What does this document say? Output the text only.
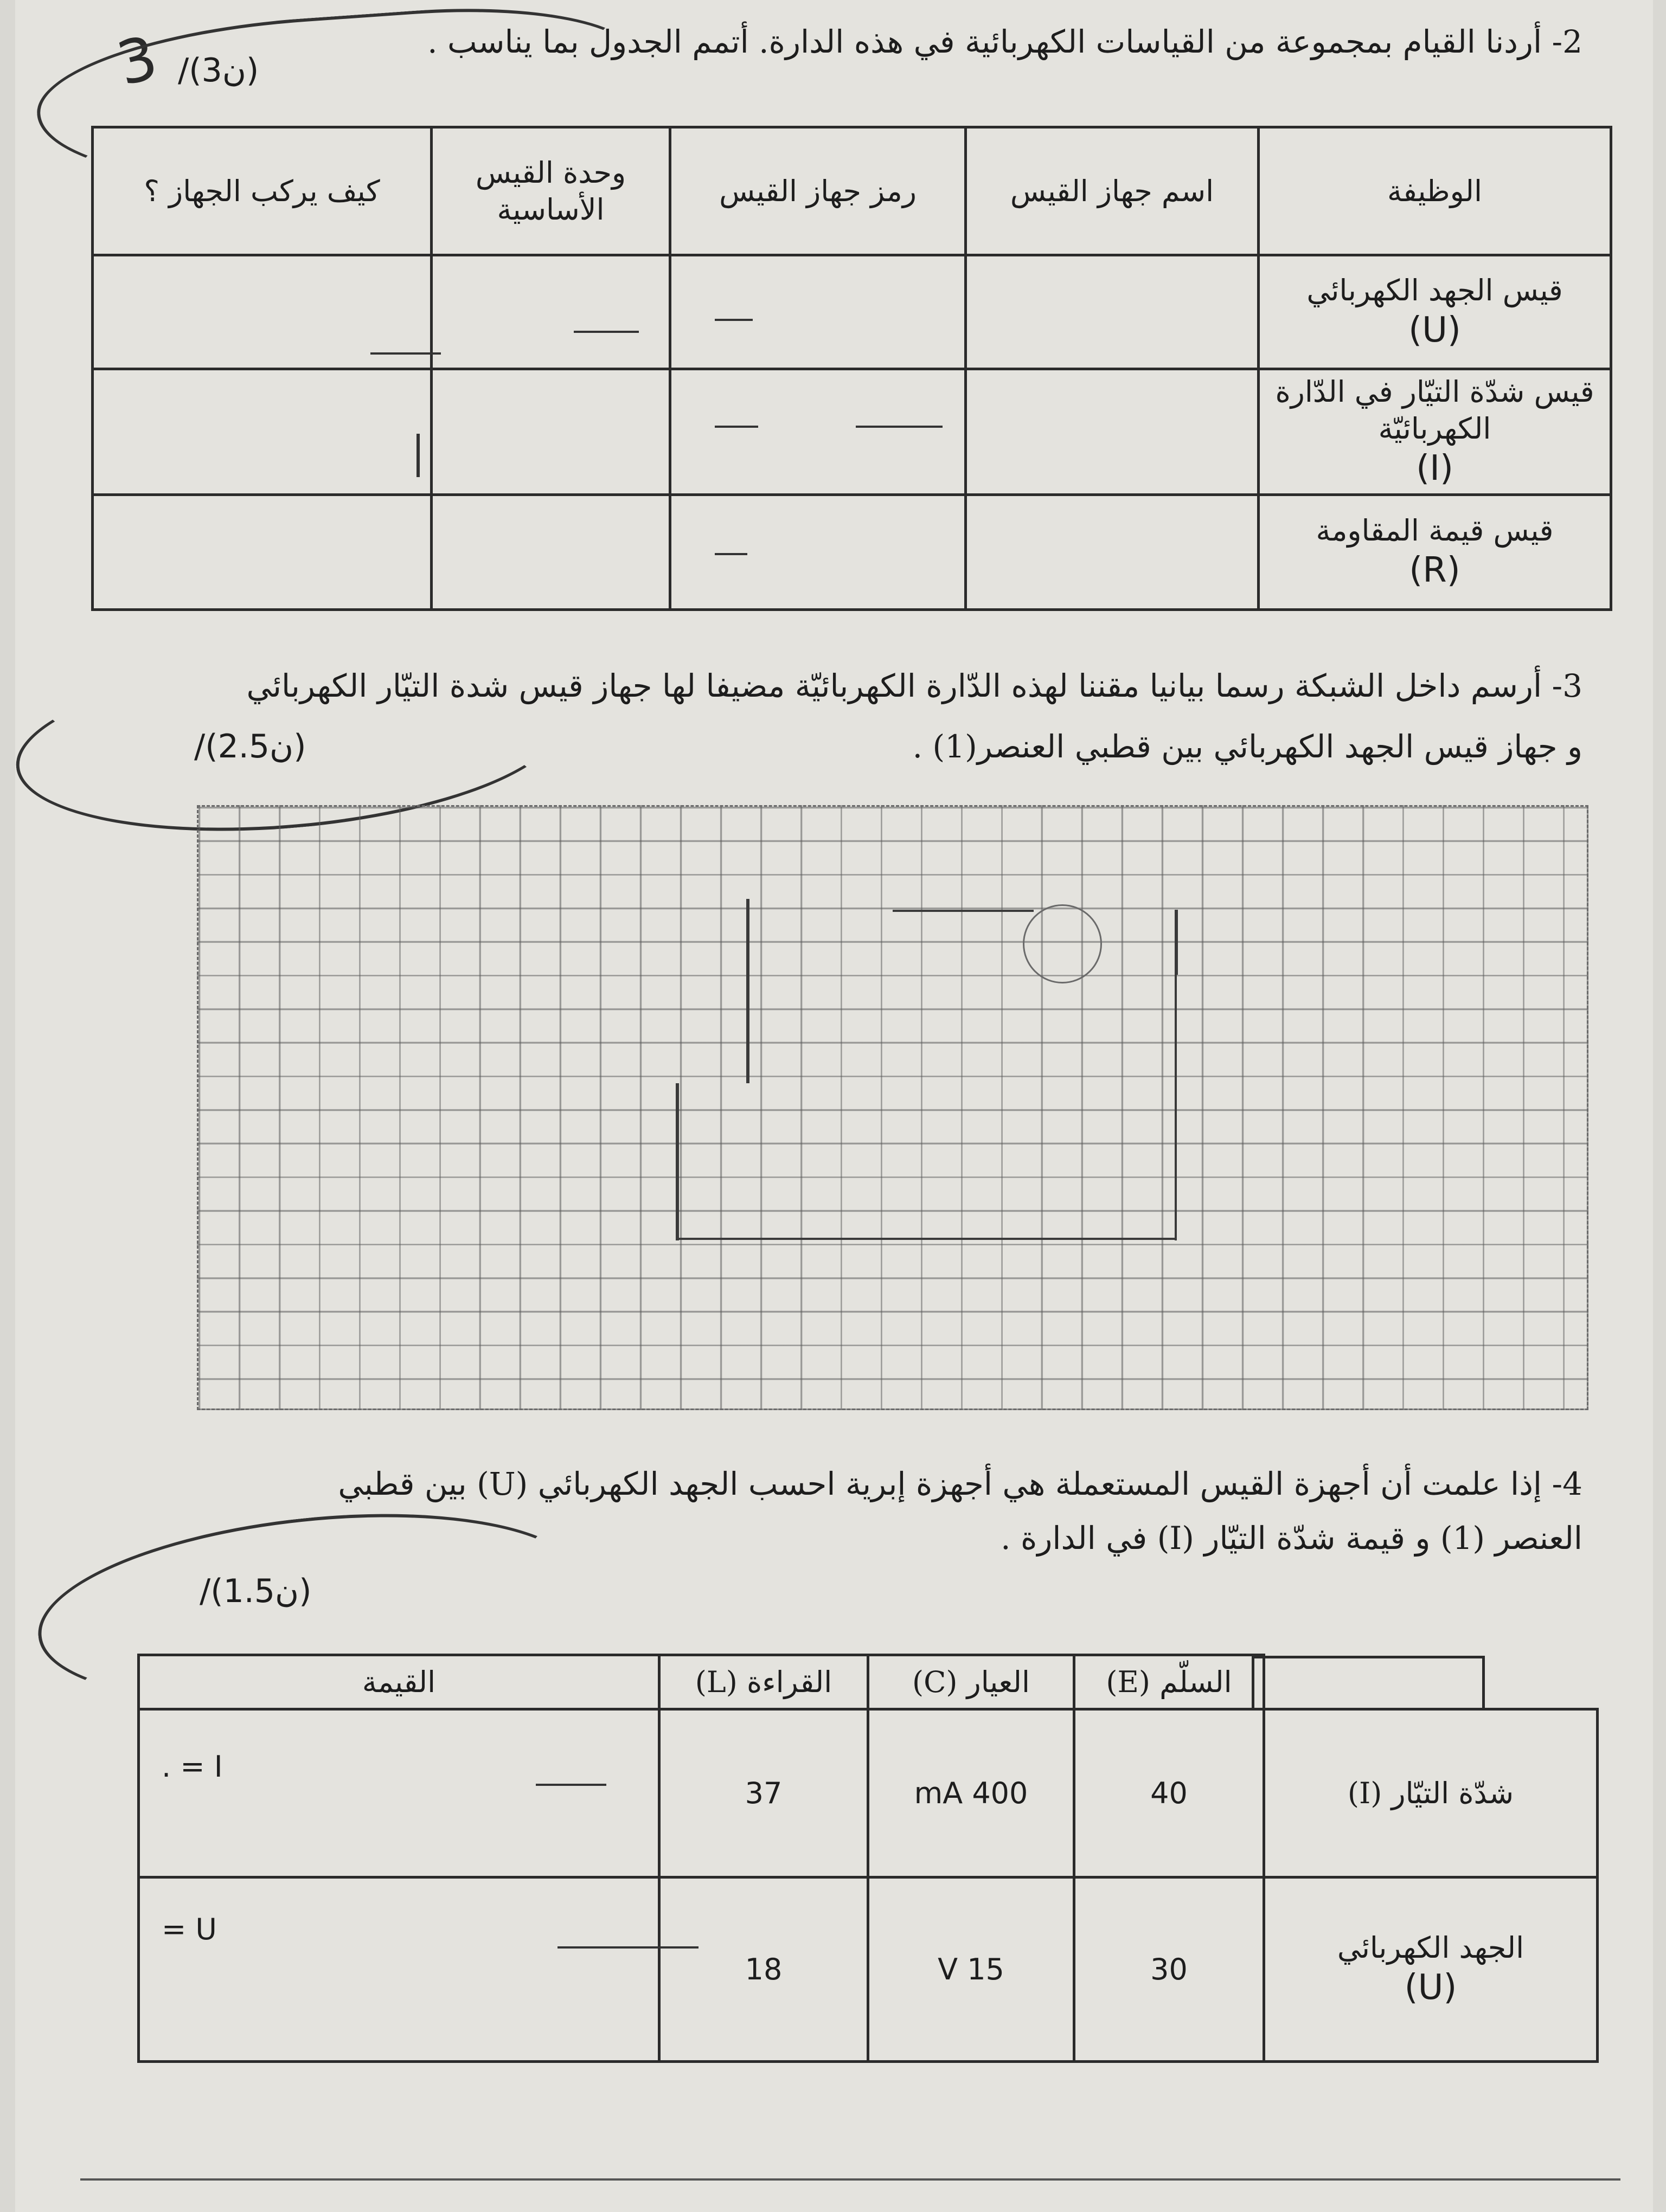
2- أردنا القيام بمجموعة من القياسات الكهربائية في هذه الدارة. أتمم الجدول بما يناسب .
/(ن3)
3
الوظيفة	اسم جهاز القيس	رمز جهاز القيس	وحدة القيس الأساسية	كيف يركب الجهاز ؟

قيس الجهد الكهربائي
(U)				

قيس شدّة التيّار في الدّارة الكهربائيّة
(I)				

قيس قيمة المقاومة
(R)				

3- أرسم داخل الشبكة رسما بيانيا مقننا لهذه الدّارة الكهربائيّة مضيفا لها جهاز قيس شدة التيّار الكهربائي
و جهاز قيس الجهد الكهربائي بين قطبي العنصر(1) .
/(ن2.5)
4- إذا علمت أن أجهزة القيس المستعملة هي أجهزة إبرية احسب الجهد الكهربائي (U) بين قطبي
العنصر (1) و قيمة شدّة التيّار (I) في الدارة .
/(ن1.5)
	السلّم (E)	العيار (C)	القراءة (L)	القيمة
شدّة التيّار (I)	40	400 mA	37	I = .

الجهد الكهربائي
(U)	30	15 V	18	U =
